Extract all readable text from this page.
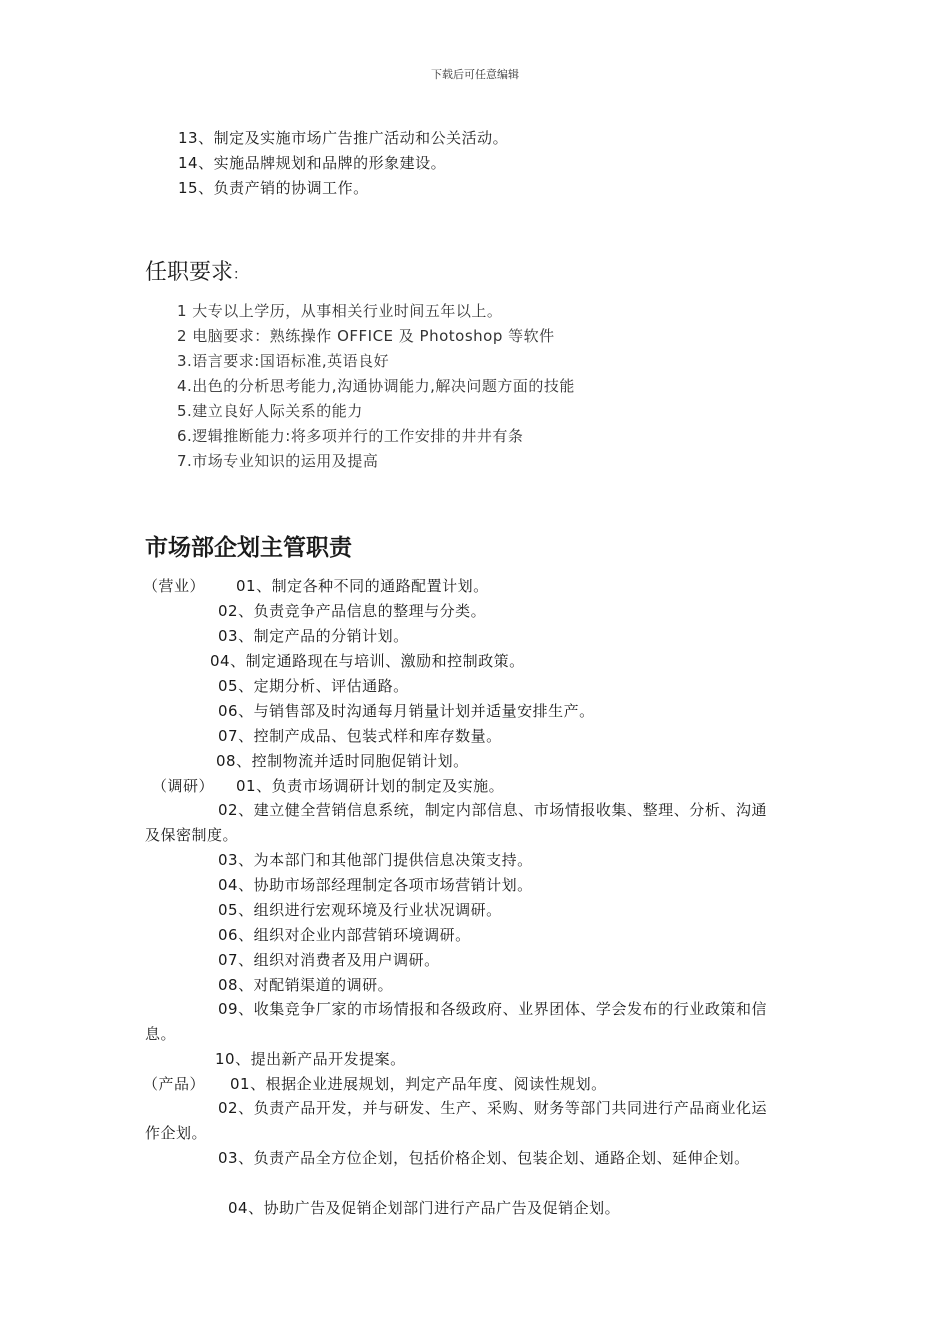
下载后可任意编辑
13、制定及实施市场广告推广活动和公关活动。
14、实施品牌规划和品牌的形象建设。
15、负责产销的协调工作。
任职要求：
1 大专以上学历，从事相关行业时间五年以上。
2 电脑要求：熟练操作 OFFICE 及 Photoshop 等软件
3.语言要求:国语标准,英语良好
4.出色的分析思考能力,沟通协调能力,解决问题方面的技能
5.建立良好人际关系的能力
6.逻辑推断能力:将多项并行的工作安排的井井有条
7.市场专业知识的运用及提高
市场部企划主管职责
（营业） 01、制定各种不同的通路配置计划。
02、负责竞争产品信息的整理与分类。
03、制定产品的分销计划。
04、制定通路现在与培训、激励和控制政策。
05、定期分析、评估通路。
06、与销售部及时沟通每月销量计划并适量安排生产。
07、控制产成品、包装式样和库存数量。
08、控制物流并适时同胞促销计划。
（调研） 01、负责市场调研计划的制定及实施。
02、建立健全营销信息系统，制定内部信息、市场情报收集、整理、分析、沟通及保密制度。
03、为本部门和其他部门提供信息决策支持。
04、协助市场部经理制定各项市场营销计划。
05、组织进行宏观环境及行业状况调研。
06、组织对企业内部营销环境调研。
07、组织对消费者及用户调研。
08、对配销渠道的调研。
09、收集竞争厂家的市场情报和各级政府、业界团体、学会发布的行业政策和信息。
10、提出新产品开发提案。
（产品） 01、根据企业进展规划，判定产品年度、阅读性规划。
02、负责产品开发，并与研发、生产、采购、财务等部门共同进行产品商业化运作企划。
03、负责产品全方位企划，包括价格企划、包装企划、通路企划、延伸企划。
04、协助广告及促销企划部门进行产品广告及促销企划。
